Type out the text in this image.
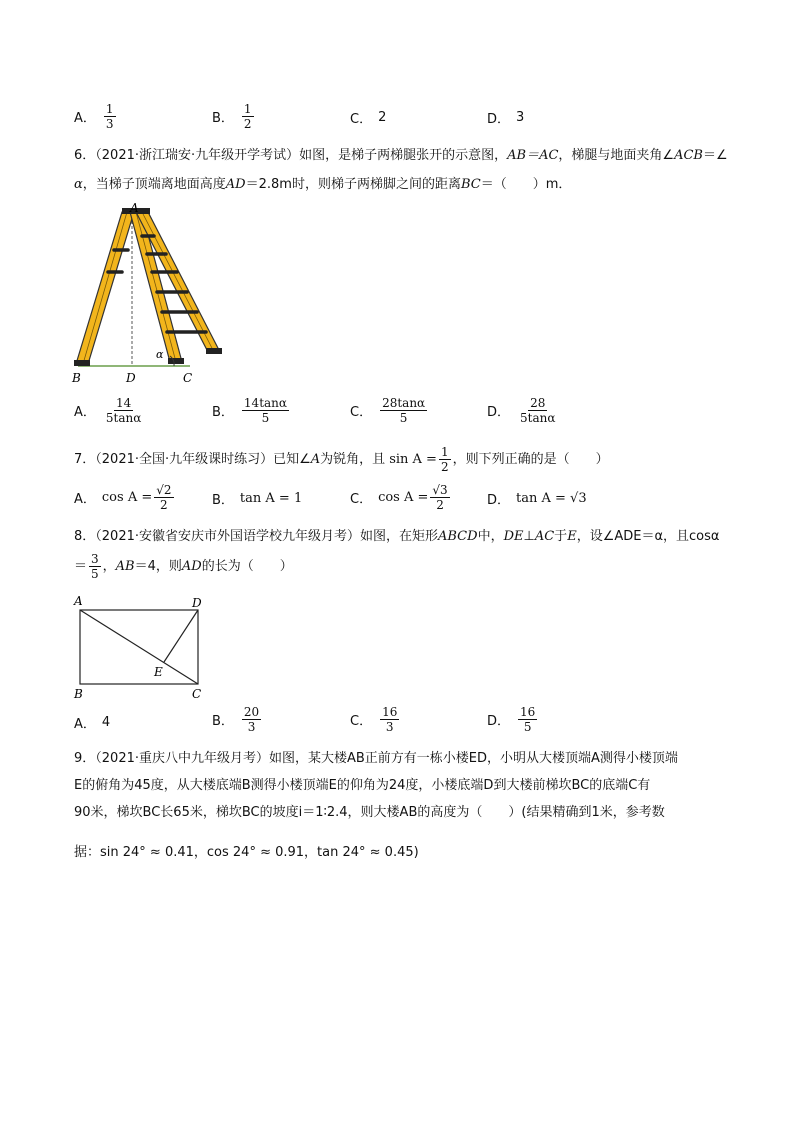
A． $\frac{1}{3}$	B． $\frac{1}{2}$	C． 2	D． 3
6．（2021·浙江瑞安·九年级开学考试）如图，是梯子两梯腿张开的示意图，AB＝AC，梯腿与地面夹角∠ACB＝∠
α，当梯子顶端离地面高度AD＝2.8m时，则梯子两梯脚之间的距离BC＝（　　）m．
A
B	D	C
α
A． $\frac{14}{5\tan\alpha}$	B． $\frac{14\tan\alpha}{5}$	C． $\frac{28\tan\alpha}{5}$	D． $\frac{28}{5\tan\alpha}$
7．（2021·全国·九年级课时练习）已知∠ A 为锐角，且 $\sin A = \frac{1}{2}$ ，则下列正确的是（　　）
A． $\cos A = \frac{√2}{2}$	B． tan A = 1	C． $\cos A = \frac{√3}{2}$	D． tan A = √3
8．（2021·安徽省安庆市外国语学校九年级月考）如图，在矩形ABCD中，DE⊥AC于E，设∠ADE＝α，且cosα
＝ $\frac{3}{5}$ ， AB ＝4，则 AD 的长为（　　）
A	D
E
B	C
A． 4	B． $\frac{20}{3}$	C． $\frac{16}{3}$	D． $\frac{16}{5}$
9．（2021·重庆八中九年级月考）如图，某大楼AB正前方有一栋小楼ED，小明从大楼顶端A测得小楼顶端
E的俯角为45度，从大楼底端B测得小楼顶端E的仰角为24度，小楼底端D到大楼前梯坎BC的底端C有
90米，梯坎BC长65米，梯坎BC的坡度i＝1∶2.4，则大楼AB的高度为（　　）(结果精确到1米，参考数
据：sin 24° ≈ 0.41，cos 24° ≈ 0.91，tan 24° ≈ 0.45)
